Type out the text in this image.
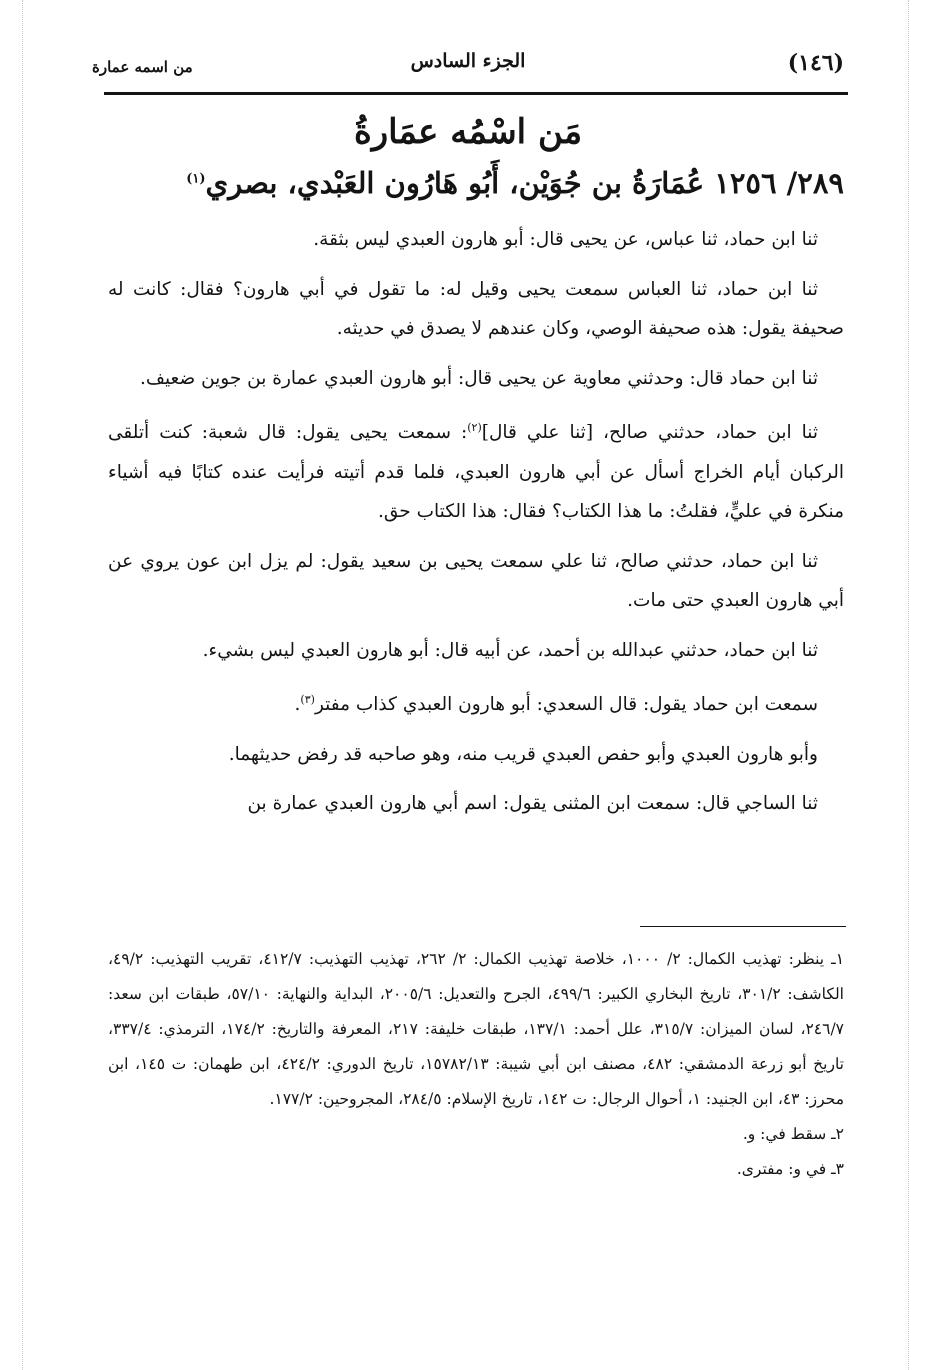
(١٤٦)
الجزء السادس
من اسمه عمارة
مَن اسْمُه عمَارةُ
٢٨٩/ ١٢٥٦ عُمَارَةُ بن جُوَيْن، أَبُو هَارُون العَبْدي، بصري$^{(١)}$

ثنا ابن حماد، ثنا عباس، عن يحيى قال: أبو هارون العبدي ليس بثقة.

ثنا ابن حماد، ثنا العباس سمعت يحيى وقيل له: ما تقول في أبي هارون؟ فقال: كانت له صحيفة يقول: هذه صحيفة الوصي، وكان عندهم لا يصدق في حديثه.

ثنا ابن حماد قال: وحدثني معاوية عن يحيى قال: أبو هارون العبدي عمارة بن جوين ضعيف.

ثنا ابن حماد، حدثني صالح، [ثنا علي قال]$^{(٢)}$: سمعت يحيى يقول: قال شعبة: كنت أتلقى الركبان أيام الخراج أسأل عن أبي هارون العبدي، فلما قدم أتيته فرأيت عنده كتابًا فيه أشياء منكرة في عليٍّ، فقلتُ: ما هذا الكتاب؟ فقال: هذا الكتاب حق.

ثنا ابن حماد، حدثني صالح، ثنا علي سمعت يحيى بن سعيد يقول: لم يزل ابن عون يروي عن أبي هارون العبدي حتى مات.

ثنا ابن حماد، حدثني عبدالله بن أحمد، عن أبيه قال: أبو هارون العبدي ليس بشيء.

سمعت ابن حماد يقول: قال السعدي: أبو هارون العبدي كذاب مفتر$^{(٣)}$.

وأبو هارون العبدي وأبو حفص العبدي قريب منه، وهو صاحبه قد رفض حديثهما.

ثنا الساجي قال: سمعت ابن المثنى يقول: اسم أبي هارون العبدي عمارة بن

١ـ ينظر: تهذيب الكمال: ٢/ ١٠٠٠، خلاصة تهذيب الكمال: ٢/ ٢٦٢، تهذيب التهذيب: ٤١٢/٧، تقريب التهذيب: ٤٩/٢، الكاشف: ٣٠١/٢، تاريخ البخاري الكبير: ٤٩٩/٦، الجرح والتعديل: ٢٠٠٥/٦، البداية والنهاية: ٥٧/١٠، طبقات ابن سعد: ٢٤٦/٧، لسان الميزان: ٣١٥/٧، علل أحمد: ١٣٧/١، طبقات خليفة: ٢١٧، المعرفة والتاريخ: ١٧٤/٢، الترمذي: ٣٣٧/٤، تاريخ أبو زرعة الدمشقي: ٤٨٢، مصنف ابن أبي شيبة: ١٥٧٨٢/١٣، تاريخ الدوري: ٤٢٤/٢، ابن طهمان: ت ١٤٥، ابن محرز: ٤٣، ابن الجنيد: ١، أحوال الرجال: ت ١٤٢، تاريخ الإسلام: ٢٨٤/٥، المجروحين: ١٧٧/٢.

٢ـ سقط في: و.

٣ـ في و: مفترى.
